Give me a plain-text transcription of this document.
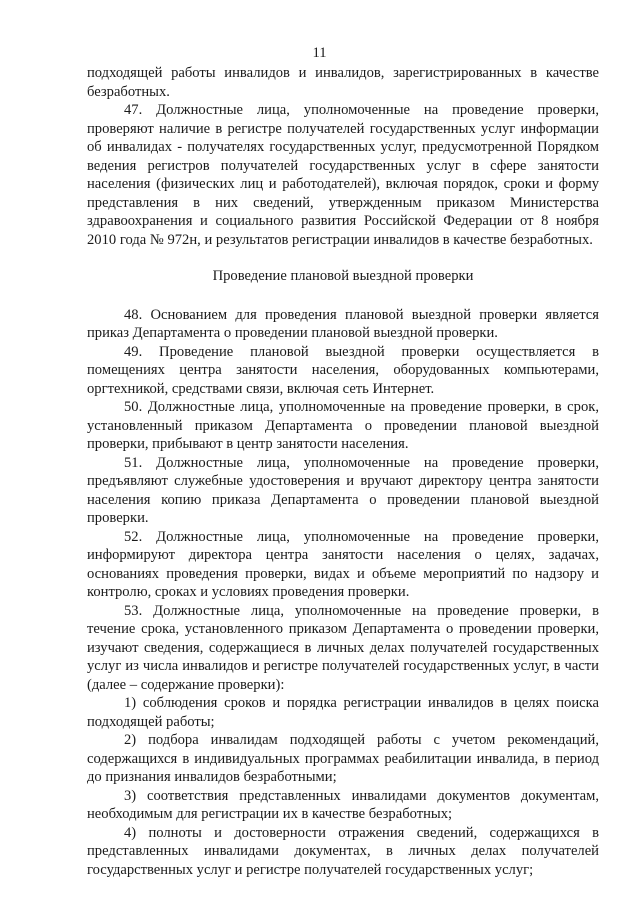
11

подходящей работы инвалидов и инвалидов, зарегистрированных в качестве безработных.

47. Должностные лица, уполномоченные на проведение проверки, проверяют наличие в регистре получателей государственных услуг информации об инвалидах - получателях государственных услуг, предусмотренной Порядком ведения регистров получателей государственных услуг в сфере занятости населения (физических лиц и работодателей), включая порядок, сроки и форму представления в них сведений, утвержденным приказом Министерства здравоохранения и социального развития Российской Федерации от 8 ноября 2010 года № 972н, и результатов регистрации инвалидов в качестве безработных.

Проведение плановой выездной проверки

48. Основанием для проведения плановой выездной проверки является приказ Департамента о проведении плановой выездной проверки.

49. Проведение плановой выездной проверки осуществляется в помещениях центра занятости населения, оборудованных компьютерами, оргтехникой, средствами связи, включая сеть Интернет.

50. Должностные лица, уполномоченные на проведение проверки, в срок, установленный приказом Департамента о проведении плановой выездной проверки, прибывают в центр занятости населения.

51. Должностные лица, уполномоченные на проведение проверки, предъявляют служебные удостоверения и вручают директору центра занятости населения копию приказа Департамента о проведении плановой выездной проверки.

52. Должностные лица, уполномоченные на проведение проверки, информируют директора центра занятости населения о целях, задачах, основаниях проведения проверки, видах и объеме мероприятий по надзору и контролю, сроках и условиях проведения проверки.

53. Должностные лица, уполномоченные на проведение проверки, в течение срока, установленного приказом Департамента о проведении проверки, изучают сведения, содержащиеся в личных делах получателей государственных услуг из числа инвалидов и регистре получателей государственных услуг, в части (далее – содержание проверки):

1) соблюдения сроков и порядка регистрации инвалидов в целях поиска подходящей работы;

2) подбора инвалидам подходящей работы с учетом рекомендаций, содержащихся в индивидуальных программах реабилитации инвалида, в период до признания инвалидов безработными;

3) соответствия представленных инвалидами документов документам, необходимым для регистрации их в качестве безработных;

4) полноты и достоверности отражения сведений, содержащихся в представленных инвалидами документах, в личных делах получателей государственных услуг и регистре получателей государственных услуг;
